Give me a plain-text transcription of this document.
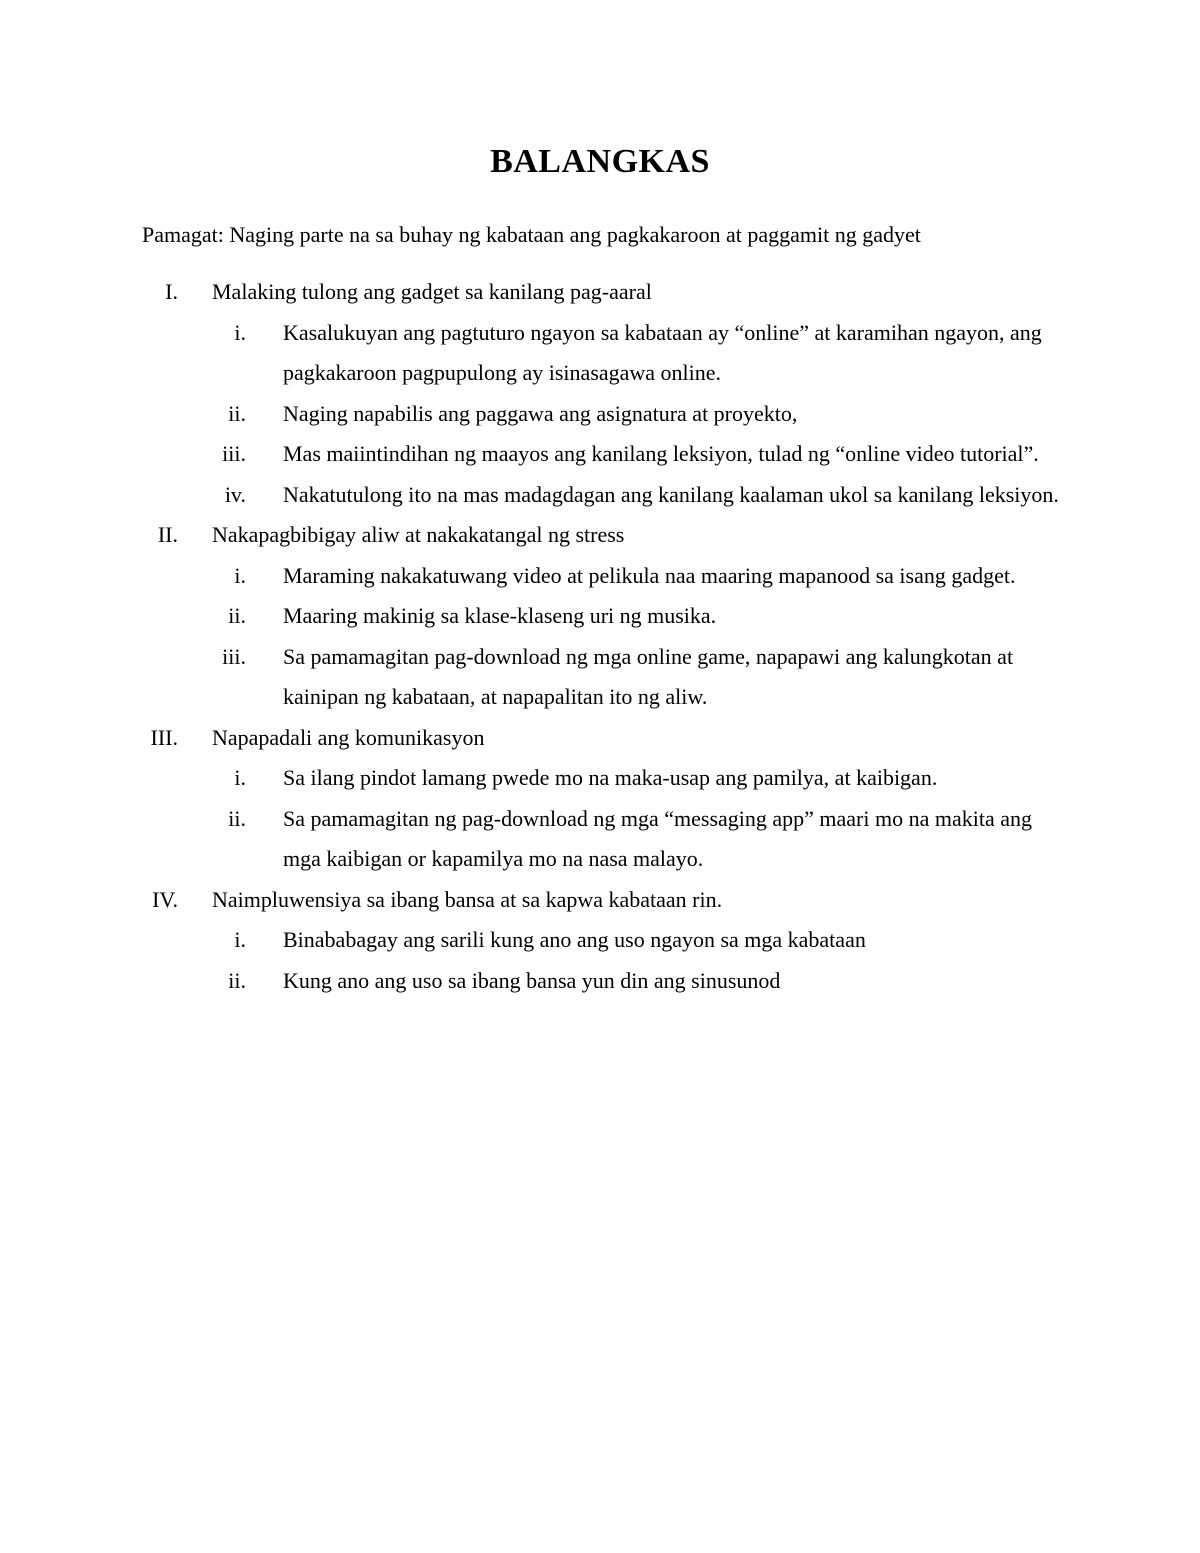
BALANGKAS
Pamagat: Naging parte na sa buhay ng kabataan ang pagkakaroon at paggamit ng gadyet
I. Malaking tulong ang gadget sa kanilang pag-aaral
i. Kasalukuyan ang pagtuturo ngayon sa kabataan ay “online” at karamihan ngayon, ang pagkakaroon pagpupulong ay isinasagawa online.
ii. Naging napabilis ang paggawa ang asignatura at proyekto,
iii. Mas maiintindihan ng maayos ang kanilang leksiyon, tulad ng “online video tutorial”.
iv. Nakatutulong ito na mas madagdagan ang kanilang kaalaman ukol sa kanilang leksiyon.
II. Nakapagbibigay aliw at nakakatangal ng stress
i. Maraming nakakatuwang video at pelikula naa maaring mapanood sa isang gadget.
ii. Maaring makinig sa klase-klaseng uri ng musika.
iii. Sa pamamagitan pag-download ng mga online game, napapawi ang kalungkotan at kainipan ng kabataan, at napapalitan ito ng aliw.
III. Napapadali ang komunikasyon
i. Sa ilang pindot lamang pwede mo na maka-usap ang pamilya, at kaibigan.
ii. Sa pamamagitan ng pag-download ng mga “messaging app” maari mo na makita ang mga kaibigan or kapamilya mo na nasa malayo.
IV. Naimpluwensiya sa ibang bansa at sa kapwa kabataan rin.
i. Binababagay ang sarili kung ano ang uso ngayon sa mga kabataan
ii. Kung ano ang uso sa ibang bansa yun din ang sinusunod
